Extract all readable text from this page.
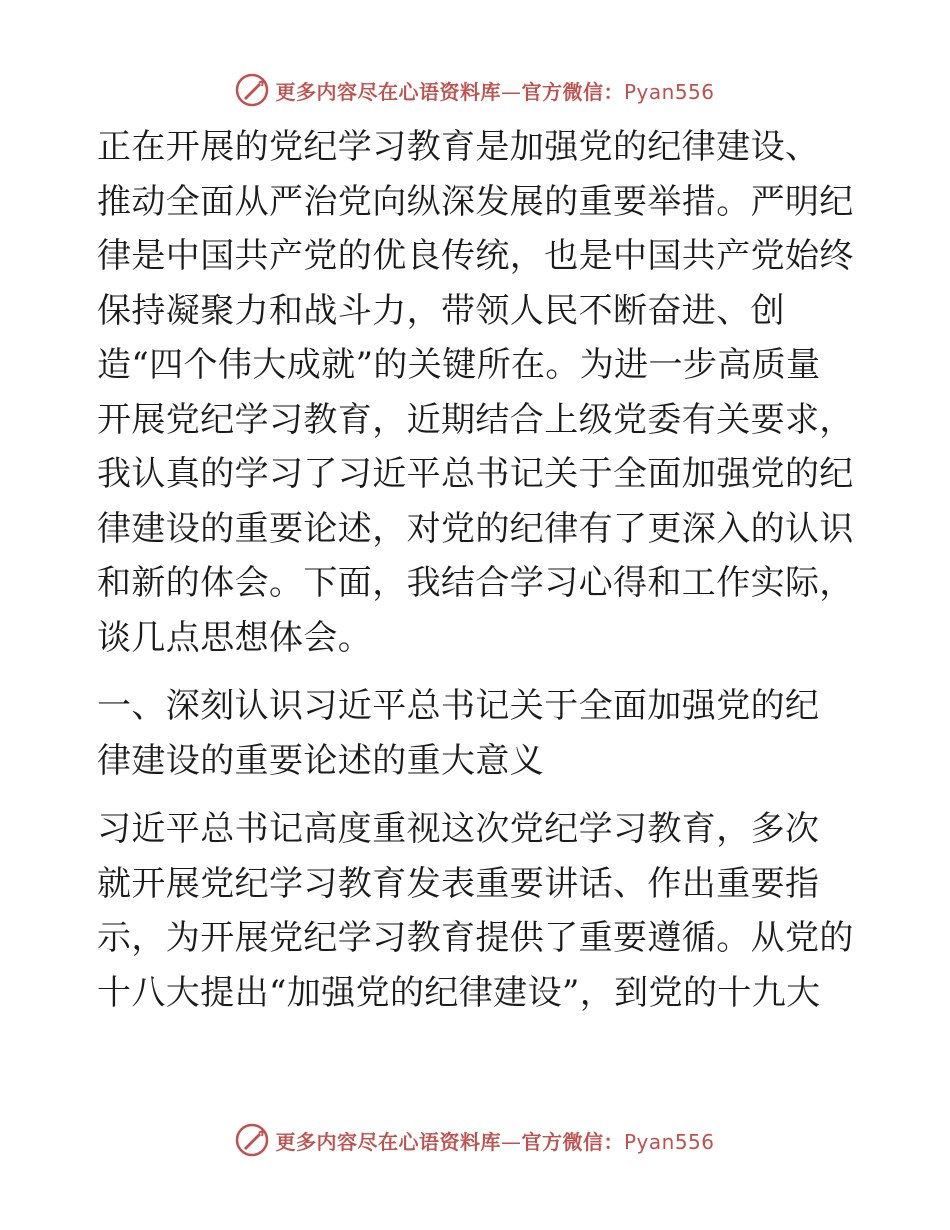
更多内容尽在心语资料库—官方微信：Pyan556

正在开展的党纪学习教育是加强党的纪律建设、
推动全面从严治党向纵深发展的重要举措。严明纪
律是中国共产党的优良传统，也是中国共产党始终
保持凝聚力和战斗力，带领人民不断奋进、创
造“四个伟大成就”的关键所在。为进一步高质量
开展党纪学习教育，近期结合上级党委有关要求，
我认真的学习了习近平总书记关于全面加强党的纪
律建设的重要论述，对党的纪律有了更深入的认识
和新的体会。下面，我结合学习心得和工作实际，
谈几点思想体会。

一、深刻认识习近平总书记关于全面加强党的纪
律建设的重要论述的重大意义

习近平总书记高度重视这次党纪学习教育，多次
就开展党纪学习教育发表重要讲话、作出重要指
示，为开展党纪学习教育提供了重要遵循。从党的
十八大提出“加强党的纪律建设”，到党的十九大

更多内容尽在心语资料库—官方微信：Pyan556
